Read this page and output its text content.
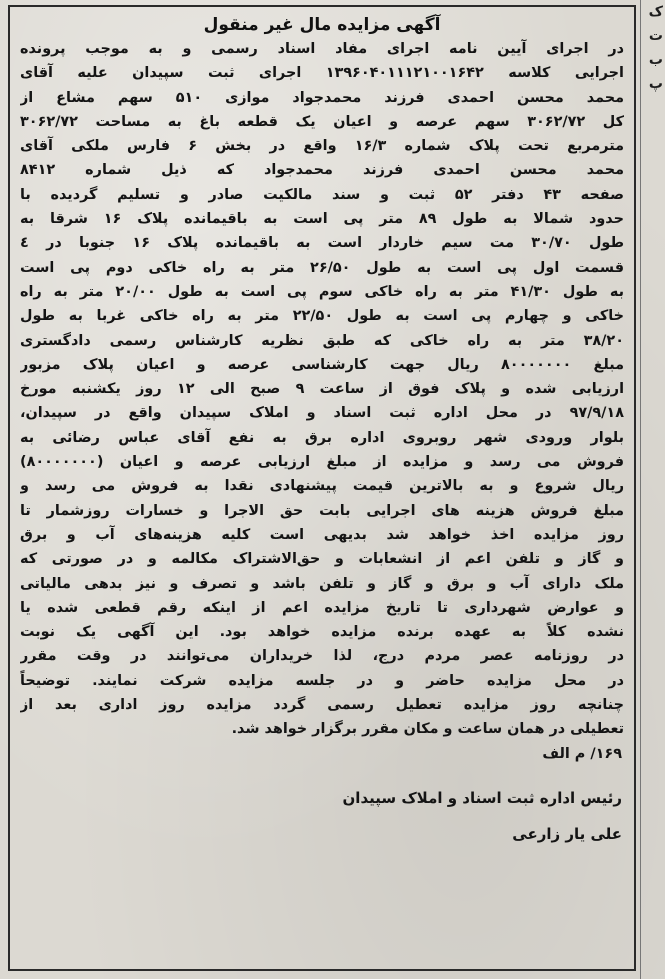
آگهی مزایده مال غیر منقول
در اجرای آیین نامه اجرای مفاد اسناد رسمی و به موجب پرونده
اجرایی کلاسه ۱۳۹۶۰۴۰۱۱۱۲۱۰۰۱۶۴۲ اجرای ثبت سپیدان علیه آقای
محمد محسن احمدی فرزند محمدجواد موازی ۵۱۰ سهم مشاع از
کل ۳۰۶۲/۷۲ سهم عرصه و اعیان یک قطعه باغ به مساحت ۳۰۶۲/۷۲
مترمربع تحت پلاک شماره ۱۶/۳ واقع در بخش ۶ فارس ملکی آقای
محمد محسن احمدی فرزند محمدجواد که ذیل شماره ۸۴۱۲
صفحه ۴۳ دفتر ۵۲ ثبت و سند مالکیت صادر و تسلیم گردیده با
حدود شمالا به طول ۸۹ متر پی است به باقیمانده پلاک ۱۶ شرقا به
طول ۳۰/۷۰ مت سیم خاردار است به باقیمانده پلاک ۱۶ جنوبا در ٤
قسمت اول پی است به طول ۲۶/۵۰ متر به راه خاکی دوم پی است
به طول ۴۱/۳۰ متر به راه خاکی سوم پی است به طول ۲۰/۰۰ متر به راه
خاکی و چهارم پی است به طول ۲۲/۵۰ متر به راه خاکی غربا به طول
۳۸/۲۰ متر به راه خاکی که طبق نظریه کارشناس رسمی دادگستری
مبلغ ۸۰۰۰۰۰۰۰ ریال جهت کارشناسی عرصه و اعیان پلاک مزبور
ارزیابی شده و پلاک فوق از ساعت ۹ صبح الی ۱۲ روز یکشنبه مورخ
۹۷/۹/۱۸ در محل اداره ثبت اسناد و املاک سپیدان واقع در سپیدان،
بلوار ورودی شهر روبروی اداره برق به نفع آقای عباس رضائی به
فروش می رسد و مزایده از مبلغ ارزیابی عرصه و اعیان (۸۰۰۰۰۰۰۰)
ریال شروع و به بالاترین قیمت پیشنهادی نقدا به فروش می رسد و
مبلغ فروش هزینه های اجرایی بابت حق الاجرا و خسارات روزشمار تا
روز مزایده اخذ خواهد شد بدیهی است کلیه هزینه‌های آب و برق
و گاز و تلفن اعم از انشعابات و حق‌الاشتراک مکالمه و در صورتی که
ملک دارای آب و برق و گاز و تلفن باشد و تصرف و نیز بدهی مالیاتی
و عوارض شهرداری تا تاریخ مزایده اعم از اینکه رقم قطعی شده یا
نشده کلاً به عهده برنده مزایده خواهد بود. این آگهی یک نوبت
در روزنامه عصر مردم درج، لذا خریداران می‌توانند در وقت مقرر
در محل مزایده حاضر و در جلسه مزایده شرکت نمایند. توضیحاً
چنانچه روز مزایده تعطیل رسمی گردد مزایده روز اداری بعد از
تعطیلی در همان ساعت و مکان مقرر برگزار خواهد شد.
۱۶۹/ م الف
رئیس اداره ثبت اسناد و املاک سپیدان
علی یار زارعی
ک
ت
ب
پ
